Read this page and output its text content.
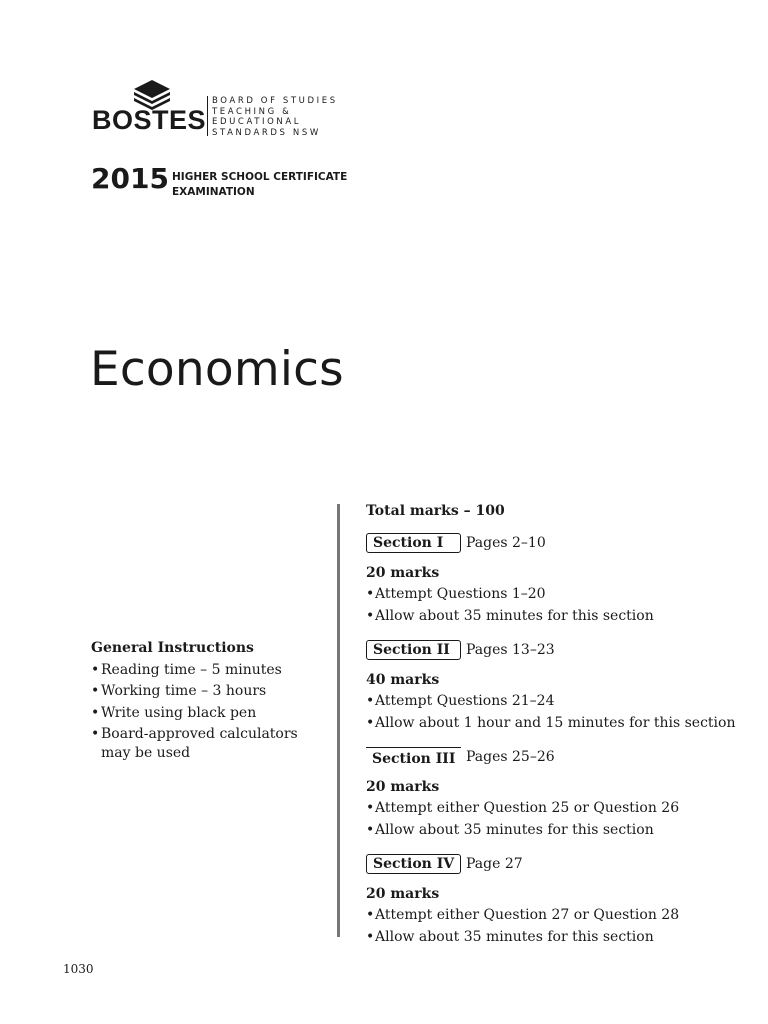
BOSTES
BOARD OF STUDIES
TEACHING &
EDUCATIONAL
STANDARDS NSW
2015 HIGHER SCHOOL CERTIFICATE
EXAMINATION
Economics
General Instructions
• Reading time – 5 minutes
• Working time – 3 hours
• Write using black pen
• Board-approved calculators may be used
Total marks – 100
Section I	Pages 2–10
20 marks
• Attempt Questions 1–20
• Allow about 35 minutes for this section
Section II	Pages 13–23
40 marks
• Attempt Questions 21–24
• Allow about 1 hour and 15 minutes for this section
Section III Pages 25–26
20 marks
• Attempt either Question 25 or Question 26
• Allow about 35 minutes for this section
Section IV Page 27
20 marks
• Attempt either Question 27 or Question 28
• Allow about 35 minutes for this section
1030
